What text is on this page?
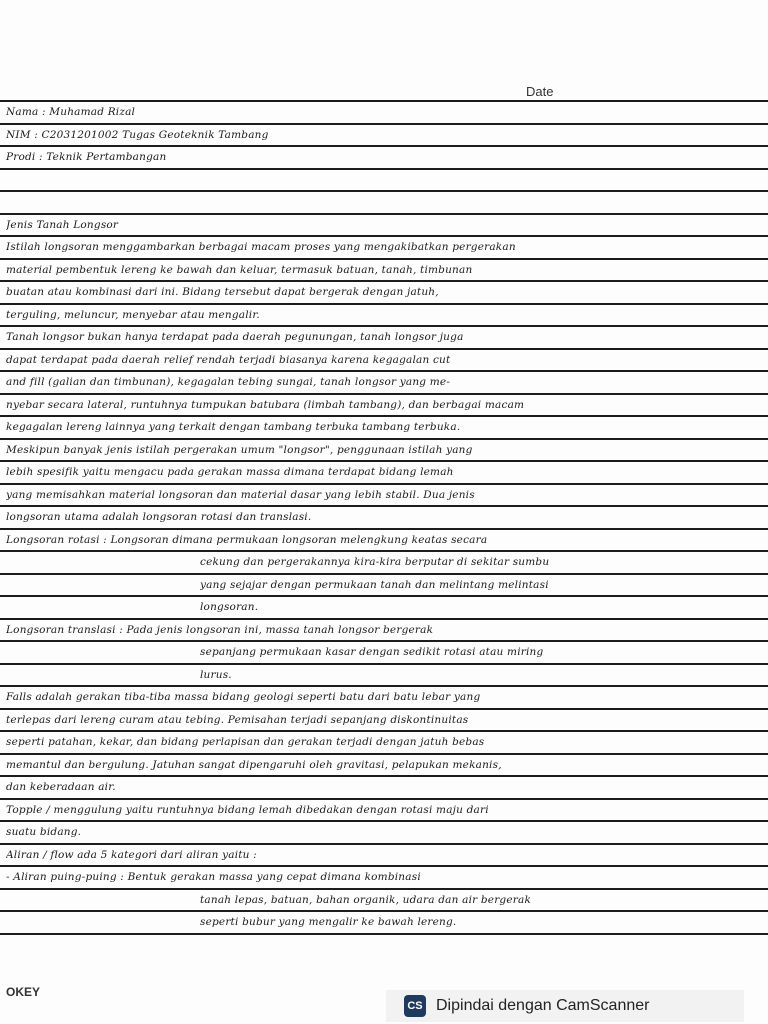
Date
Nama : Muhamad Rizal
NIM : C2031201002 Tugas Geoteknik Tambang
Prodi : Teknik Pertambangan
Jenis Tanah Longsor
Istilah longsoran menggambarkan berbagai macam proses yang mengakibatkan pergerakan
material pembentuk lereng ke bawah dan keluar, termasuk batuan, tanah, timbunan
buatan atau kombinasi dari ini. Bidang tersebut dapat bergerak dengan jatuh,
terguling, meluncur, menyebar atau mengalir.
Tanah longsor bukan hanya terdapat pada daerah pegunungan, tanah longsor juga
dapat terdapat pada daerah relief rendah terjadi biasanya karena kegagalan cut
and fill (galian dan timbunan), kegagalan tebing sungai, tanah longsor yang me-
nyebar secara lateral, runtuhnya tumpukan batubara (limbah tambang), dan berbagai macam
kegagalan lereng lainnya yang terkait dengan tambang terbuka tambang terbuka.
Meskipun banyak jenis istilah pergerakan umum "longsor", penggunaan istilah yang
lebih spesifik yaitu mengacu pada gerakan massa dimana terdapat bidang lemah
yang memisahkan material longsoran dan material dasar yang lebih stabil. Dua jenis
longsoran utama adalah longsoran rotasi dan translasi.
Longsoran rotasi : Longsoran dimana permukaan longsoran melengkung keatas secara
cekung dan pergerakannya kira-kira berputar di sekitar sumbu
yang sejajar dengan permukaan tanah dan melintang melintasi
longsoran.
Longsoran translasi : Pada jenis longsoran ini, massa tanah longsor bergerak
sepanjang permukaan kasar dengan sedikit rotasi atau miring
lurus.
Falls adalah gerakan tiba-tiba massa bidang geologi seperti batu dari batu lebar yang
terlepas dari lereng curam atau tebing. Pemisahan terjadi sepanjang diskontinuitas
seperti patahan, kekar, dan bidang perlapisan dan gerakan terjadi dengan jatuh bebas
memantul dan bergulung. Jatuhan sangat dipengaruhi oleh gravitasi, pelapukan mekanis,
dan keberadaan air.
Topple / menggulung yaitu runtuhnya bidang lemah dibedakan dengan rotasi maju dari
suatu bidang.
Aliran / flow ada 5 kategori dari aliran yaitu :
- Aliran puing-puing : Bentuk gerakan massa yang cepat dimana kombinasi
tanah lepas, batuan, bahan organik, udara dan air bergerak
seperti bubur yang mengalir ke bawah lereng.
OKEY
CS Dipindai dengan CamScanner
